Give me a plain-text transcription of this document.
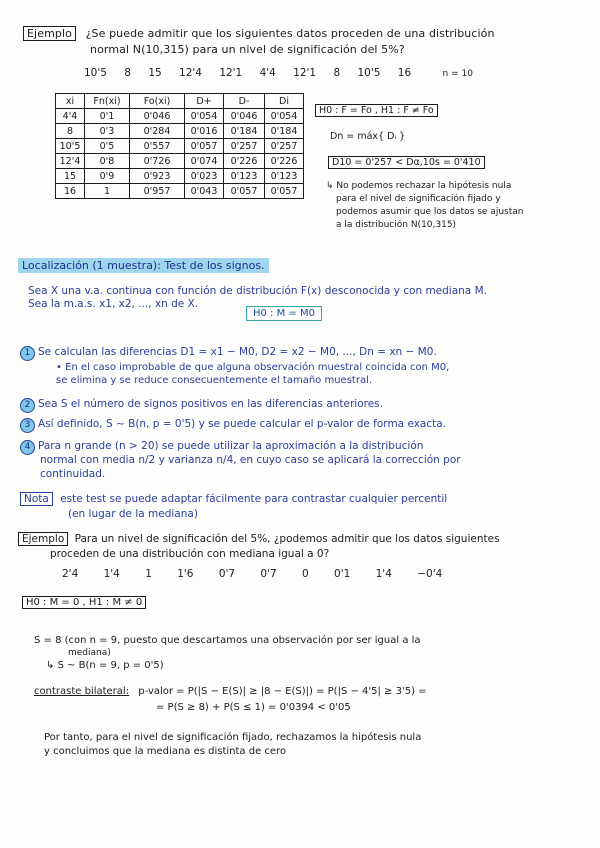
Ejemplo ¿Se puede admitir que los siguientes datos proceden de una distribución
normal N(10,315) para un nivel de significación del 5%?
10'5 8 15 12'4 12'1 4'4 12'1 8 10'5 16	n = 10
xi	Fn(xi)	Fo(xi)	D+	D-	Di
4'4	0'1	0'046	0'054	0'046	0'054
8	0'3	0'284	0'016	0'184	0'184
10'5	0'5	0'557	0'057	0'257	0'257
12'4	0'8	0'726	0'074	0'226	0'226
15	0'9	0'923	0'023	0'123	0'123
16	1	0'957	0'043	0'057	0'057
H0 : F = Fo , H1 : F ≠ Fo
Dn = máx{ Dᵢ }
D10 = 0'257 < Dα,10s = 0'410
↳ No podemos rechazar la hipótesis nula
para el nivel de significación fijado y
podemos asumir que los datos se ajustan
a la distribución N(10,315)
Localización (1 muestra): Test de los signos.
Sea X una v.a. continua con función de distribución F(x) desconocida y con mediana M.
Sea la m.a.s. x1, x2, ..., xn de X.
H0 : M = M0
1 Se calculan las diferencias D1 = x1 − M0, D2 = x2 − M0, ..., Dn = xn − M0.
• En el caso improbable de que alguna observación muestral coincida con M0,
se elimina y se reduce consecuentemente el tamaño muestral.
2 Sea S el número de signos positivos en las diferencias anteriores.
3 Así definido, S ~ B(n, p = 0'5) y se puede calcular el p-valor de forma exacta.
4 Para n grande (n > 20) se puede utilizar la aproximación a la distribución
normal con media n/2 y varianza n/4, en cuyo caso se aplicará la corrección por
continuidad.
Nota este test se puede adaptar fácilmente para contrastar cualquier percentil
(en lugar de la mediana)
Ejemplo Para un nivel de significación del 5%, ¿podemos admitir que los datos siguientes
proceden de una distribución con mediana igual a 0?
2'4 1'4 1 1'6 0'7 0'7 0 0'1 1'4 −0'4
H0 : M = 0 , H1 : M ≠ 0
S = 8 (con n = 9, puesto que descartamos una observación por ser igual a la
mediana)
↳ S ~ B(n = 9, p = 0'5)
contraste bilateral: p-valor = P(|S − E(S)| ≥ |8 − E(S)|) = P(|S − 4'5| ≥ 3'5) =
= P(S ≥ 8) + P(S ≤ 1) = 0'0394 < 0'05
Por tanto, para el nivel de significación fijado, rechazamos la hipótesis nula
y concluimos que la mediana es distinta de cero
